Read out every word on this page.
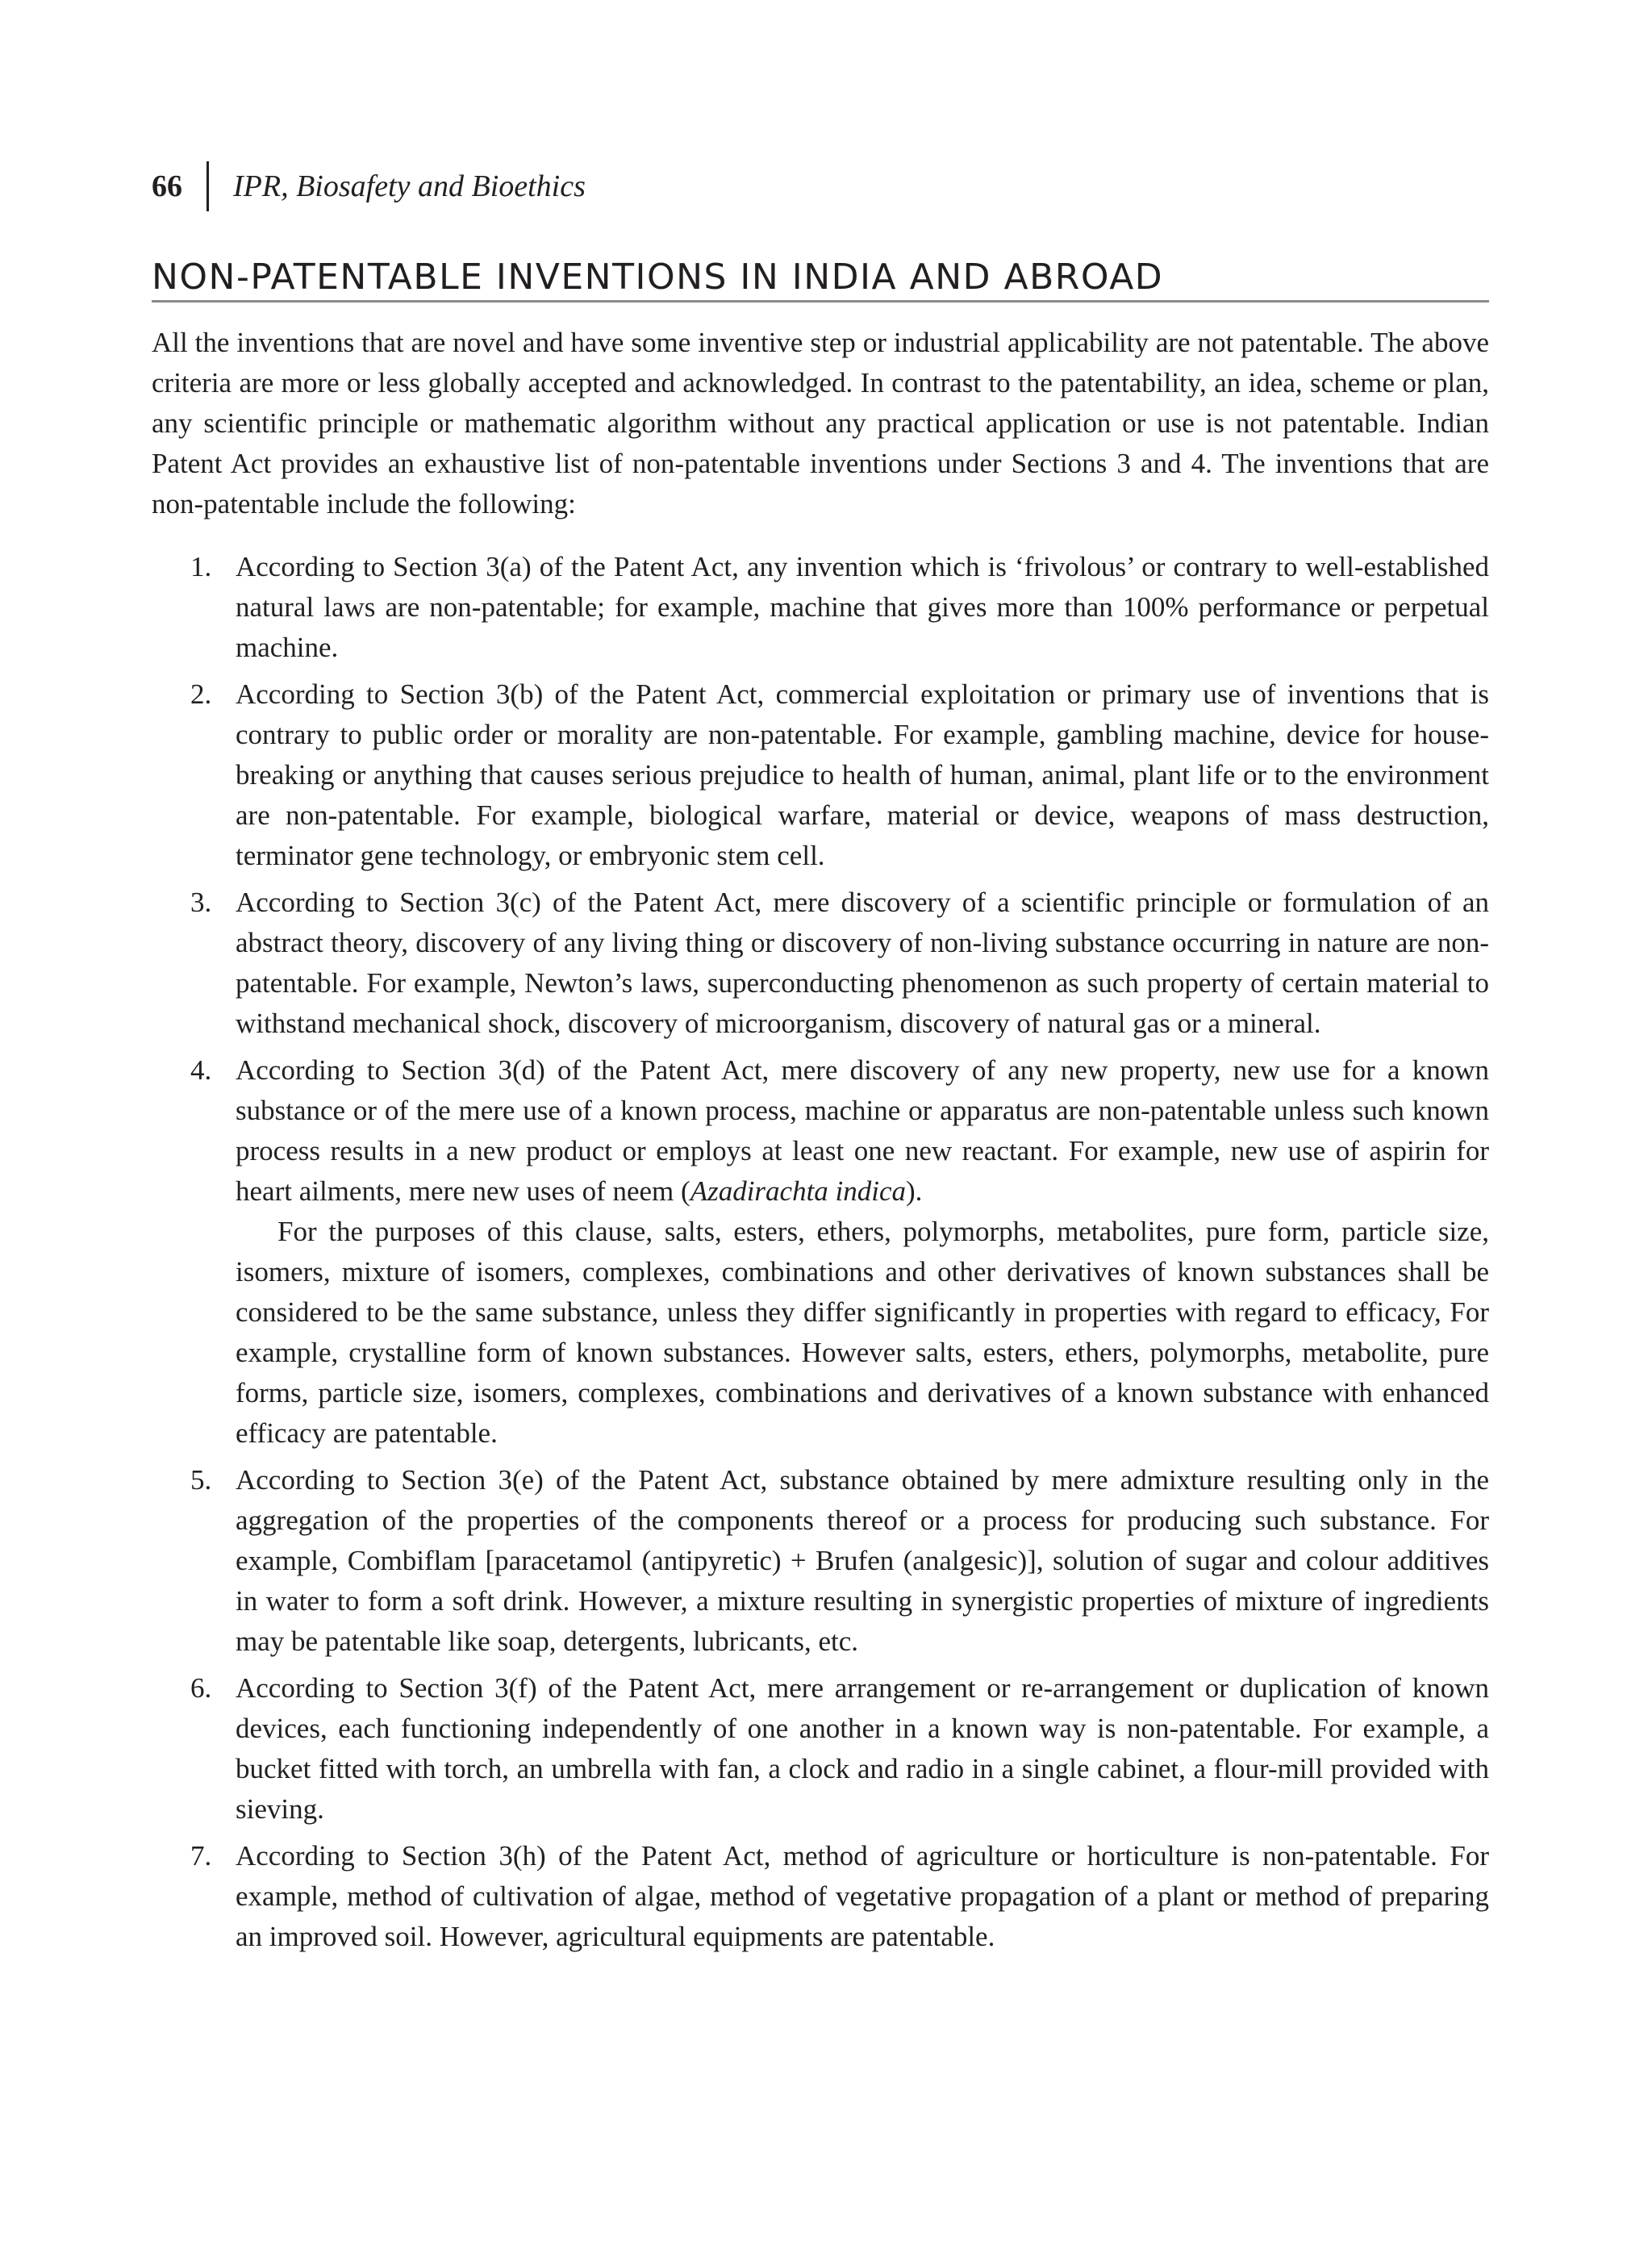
66 IPR, Biosafety and Bioethics
NON-PATENTABLE INVENTIONS IN INDIA AND ABROAD

All the inventions that are novel and have some inventive step or industrial applicability are not patentable. The above criteria are more or less globally accepted and acknowledged. In contrast to the patentability, an idea, scheme or plan, any scientific principle or mathematic algorithm without any practical application or use is not patentable. Indian Patent Act provides an exhaustive list of non-patentable inventions under Sections 3 and 4. The inventions that are non-patentable include the following:

1. According to Section 3(a) of the Patent Act, any invention which is ‘frivolous’ or contrary to well-established natural laws are non-patentable; for example, machine that gives more than 100% performance or perpetual machine.
2. According to Section 3(b) of the Patent Act, commercial exploitation or primary use of inventions that is contrary to public order or morality are non-patentable. For example, gambling machine, device for house-breaking or anything that causes serious prejudice to health of human, animal, plant life or to the environment are non-patentable. For example, biological warfare, material or device, weapons of mass destruction, terminator gene technology, or embryonic stem cell.
3. According to Section 3(c) of the Patent Act, mere discovery of a scientific principle or formulation of an abstract theory, discovery of any living thing or discovery of non-living substance occurring in nature are non-patentable. For example, Newton’s laws, superconducting phenomenon as such property of certain material to withstand mechanical shock, discovery of microorganism, discovery of natural gas or a mineral.
4. According to Section 3(d) of the Patent Act, mere discovery of any new property, new use for a known substance or of the mere use of a known process, machine or apparatus are non-patentable unless such known process results in a new product or employs at least one new reactant. For example, new use of aspirin for heart ailments, mere new uses of neem (Azadirachta indica).
For the purposes of this clause, salts, esters, ethers, polymorphs, metabolites, pure form, particle size, isomers, mixture of isomers, complexes, combinations and other derivatives of known substances shall be considered to be the same substance, unless they differ significantly in properties with regard to efficacy, For example, crystalline form of known substances. However salts, esters, ethers, polymorphs, metabolite, pure forms, particle size, isomers, complexes, combinations and derivatives of a known substance with enhanced efficacy are patentable.
5. According to Section 3(e) of the Patent Act, substance obtained by mere admixture resulting only in the aggregation of the properties of the components thereof or a process for producing such substance. For example, Combiflam [paracetamol (antipyretic) + Brufen (analgesic)], solution of sugar and colour additives in water to form a soft drink. However, a mixture resulting in synergistic properties of mixture of ingredients may be patentable like soap, detergents, lubricants, etc.
6. According to Section 3(f) of the Patent Act, mere arrangement or re-arrangement or duplication of known devices, each functioning independently of one another in a known way is non-patentable. For example, a bucket fitted with torch, an umbrella with fan, a clock and radio in a single cabinet, a flour-mill provided with sieving.
7. According to Section 3(h) of the Patent Act, method of agriculture or horticulture is non-patentable. For example, method of cultivation of algae, method of vegetative propagation of a plant or method of preparing an improved soil. However, agricultural equipments are patentable.
